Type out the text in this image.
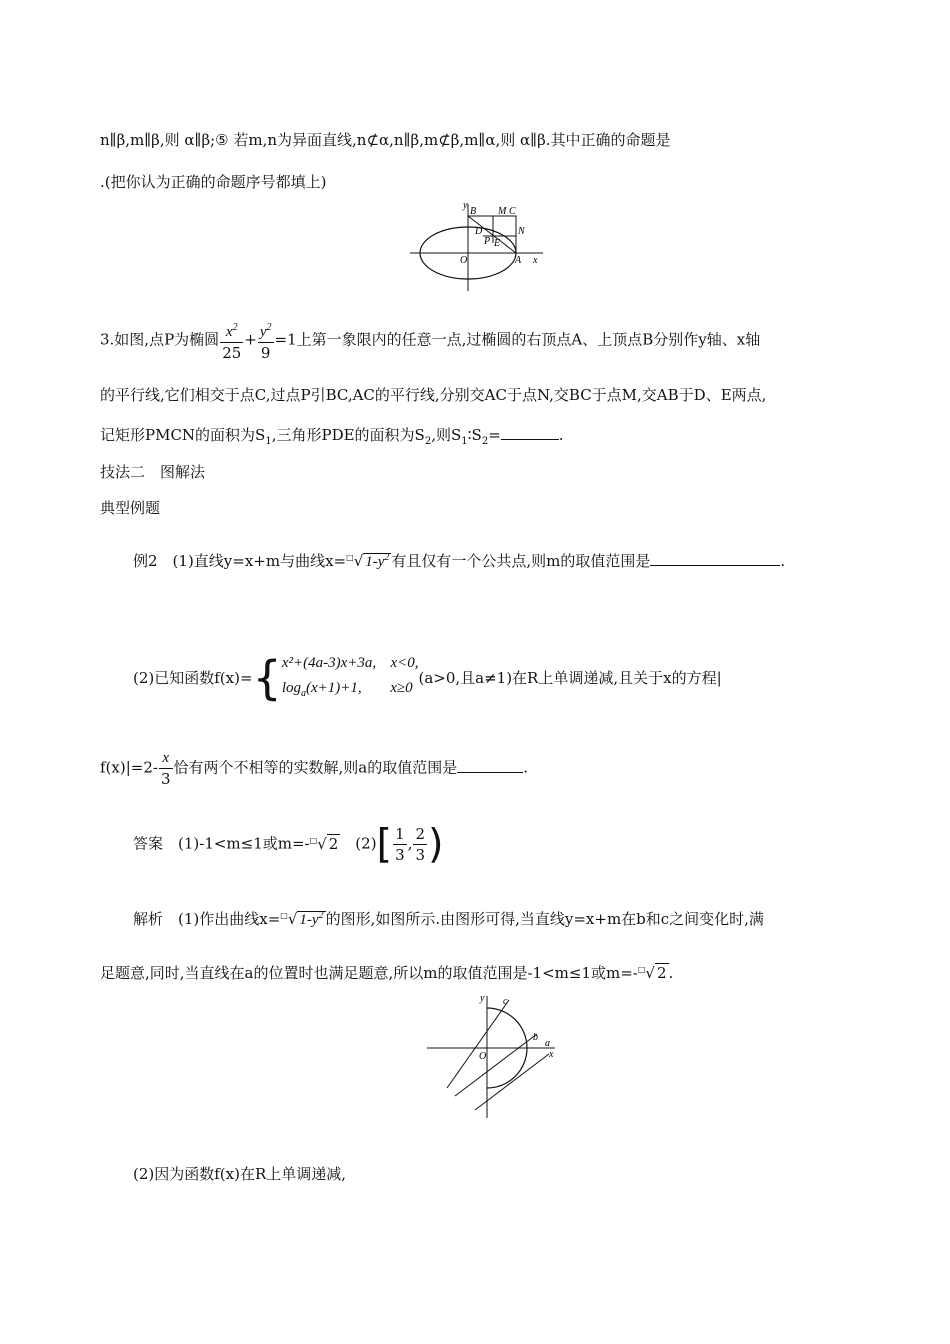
n∥β,m∥β,则 α∥β;⑤ 若m,n为异面直线,n⊄α,n∥β,m⊄β,m∥α,则 α∥β.其中正确的命题是
.(把你认为正确的命题序号都填上)
y
B M C
D	N
P E
O	A x
3.如图,点P为椭圆 $\frac{x^2}{25} + \frac{y^2}{9} =1$上第一象限内的任意一点,过椭圆的右顶点A、上顶点B分别作y轴、x轴
的平行线,它们相交于点C,过点P引BC,AC的平行线,分别交AC于点N,交BC于点M,交AB于D、E两点,
记矩形PMCN的面积为$S_1$,三角形PDE的面积为$S_2$,则$S_1∶S_2=$	.
技法二　图解法
典型例题
例2　(1)直线y=x+m与曲线x=□√ $1-y^2$ 有且仅有一个公共点,则m的取值范围是	.
(2)已知函数f(x)={ x²+(4a-3)x+3a, x<0,
$\log_a(x+1)+1$, x≥0
(a>0,且a≠1)在R上单调递减,且关于x的方程|
$f(x)|=2- \frac{x}{3}$ 恰有两个不相等的实数解,则a的取值范围是	.
答案　(1)-1<m≤1或m=-□√ 2　$(2)[ \frac{1}{3}$ , $\frac{2}{3}$ )
解析　(1)作出曲线x=□√ $1-y^2$ 的图形,如图所示.由图形可得,当直线y=x+m在b和c之间变化时,满
足题意,同时,当直线在a的位置时也满足题意,所以m的取值范围是-1<m≤1或m=-□√ 2 .
y c
b
a
O	x
(2)因为函数f(x)在R上单调递减,
